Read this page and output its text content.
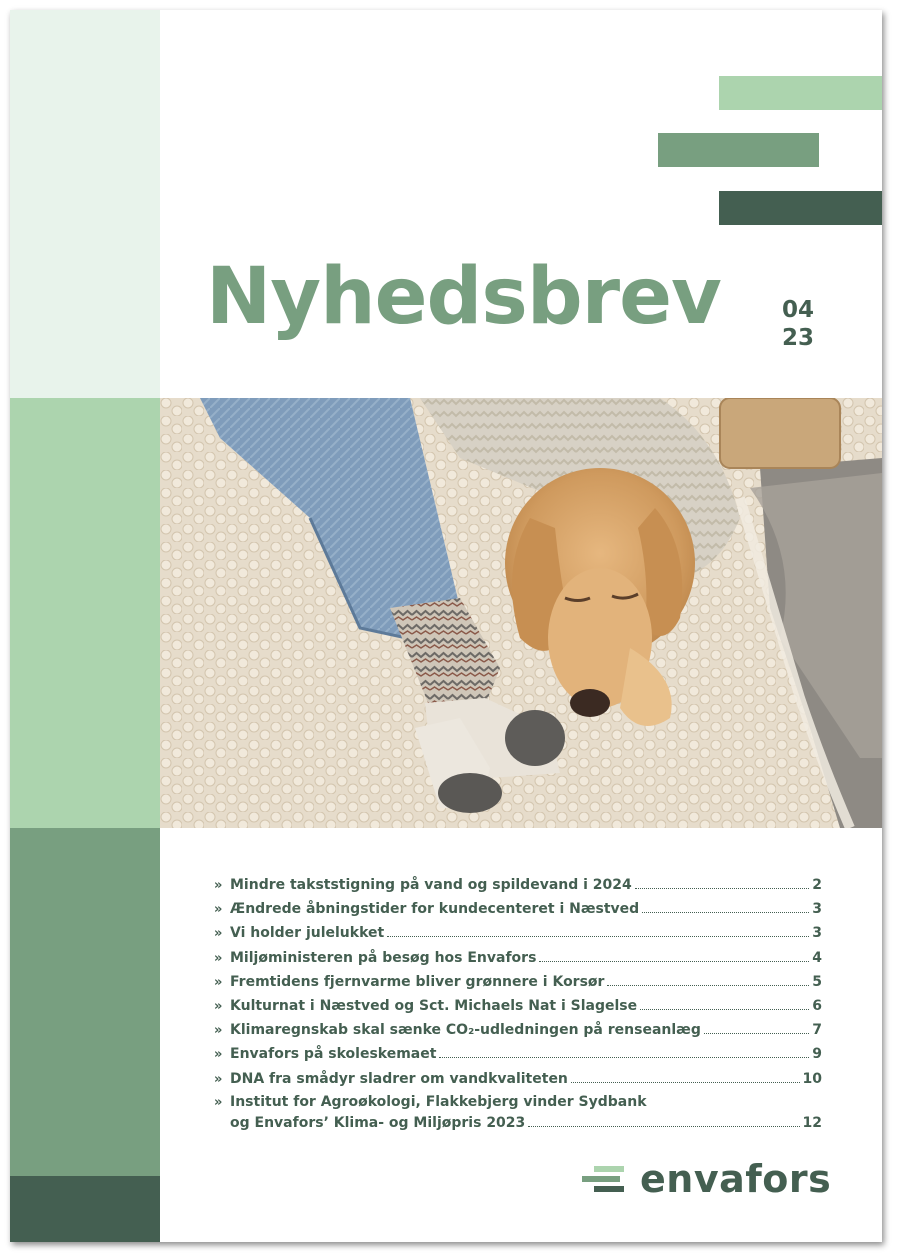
Nyhedsbrev	04
23
» Mindre takststigning på vand og spildevand i 2024	2
» Ændrede åbningstider for kundecenteret i Næstved	3
» Vi holder julelukket	3
» Miljøministeren på besøg hos Envafors	4
» Fremtidens fjernvarme bliver grønnere i Korsør	5
» Kulturnat i Næstved og Sct. Michaels Nat i Slagelse	6
» Klimaregnskab skal sænke CO₂-udledningen på renseanlæg	7
» Envafors på skoleskemaet	9
» DNA fra smådyr sladrer om vandkvaliteten	10
» Institut for Agroøkologi, Flakkebjerg vinder Sydbank
og Envafors’ Klima- og Miljøpris 2023	12
envafors
